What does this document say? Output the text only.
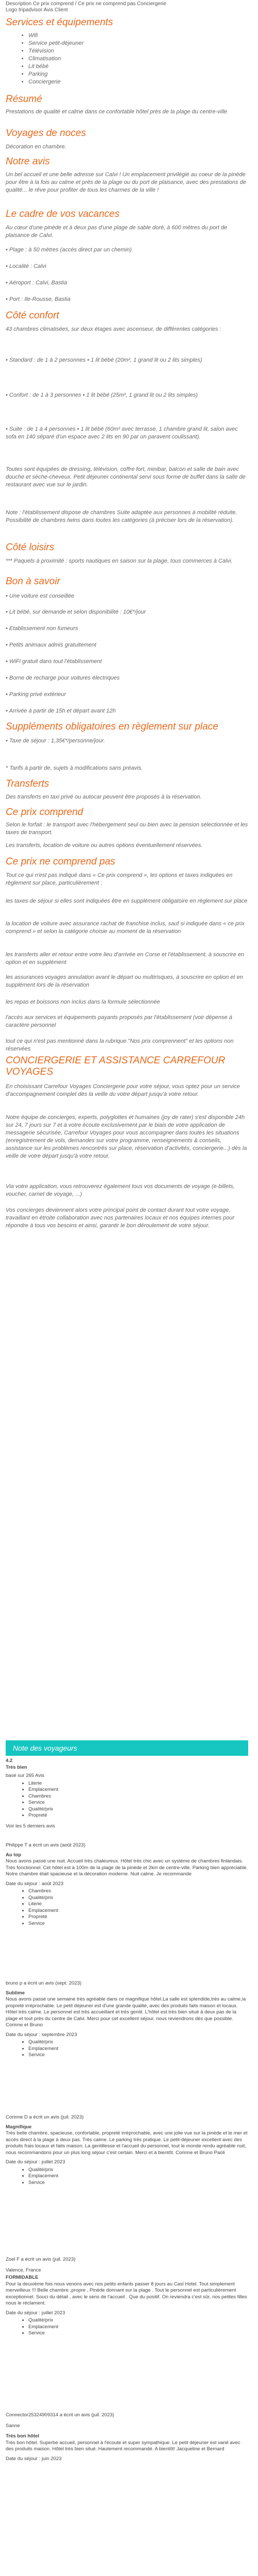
Description Ce prix comprend / Ce prix ne comprend pas Conciergerie
Logo tripadvisor Avis Client
Services et équipements
• Wifi
• Service petit-déjeuner
• Télévision
• Climatisation
• Lit bébé
• Parking
• Conciergerie
Résumé

Prestations de qualité et calme dans ce confortable hôtel près de la plage du centre-ville

Voyages de noces

Décoration en chambre.

Notre avis

Un bel accueil et une belle adresse sur Calvi ! Un emplacement privilégié au coeur de la pinède pour être à la fois au calme et près de la plage ou du port de plaisance, avec des prestations de qualité... le rêve pour profiter de tous les charmes de la ville !

Le cadre de vos vacances

Au cœur d'une pinède et à deux pas d'une plage de sable doré, à 600 mètres du port de plaisance de Calvi.

• Plage : à 50 mètres (accès direct par un chemin)

• Localité : Calvi

• Aéroport : Calvi, Bastia

• Port : Ile-Rousse, Bastia

Côté confort

43 chambres climatisées, sur deux étages avec ascenseur, de différentes catégories :

• Standard : de 1 à 2 personnes • 1 lit bébé (20m², 1 grand lit ou 2 lits simples)

• Confort : de 1 à 3 personnes • 1 lit bébé (25m², 1 grand lit ou 2 lits simples)

• Suite : de 1 à 4 personnes • 1 lit bébé (60m² avec terrasse, 1 chambre grand lit, salon avec sofa en 140 séparé d'un espace avec 2 lits en 90 par un paravent coulissant).

Toutes sont équipées de dressing, télévision, coffre fort, minibar, balcon et salle de bain avec douche et sèche-cheveux. Petit déjeuner continental servi sous forme de buffet dans la salle de restaurant avec vue sur le jardin.

Note : l'établissement dispose de chambres Suite adaptée aux personnes à mobilité réduite. Possibilité de chambres twins dans toutes les catégories (à préciser lors de la réservation).

Côté loisirs

*** Paquets à proximité : sports nautiques en saison sur la plage, tous commerces à Calvi.

Bon à savoir

• Une voiture est conseillée

• Lit bébé, sur demande et selon disponibilité : 10€*/jour

• Etablissement non fumeurs

• Petits animaux admis gratuitement

• WiFi gratuit dans tout l'établissement

• Borne de recharge pour voitures électriques

• Parking privé extérieur

• Arrivée à partir de 15h et départ avant 12h

Suppléments obligatoires en règlement sur place

• Taxe de séjour : 1,35€*/personne/jour.

* Tarifs à partir de, sujets à modifications sans préavis.

Transferts

Des transferts en taxi privé ou autocar peuvent être proposés à la réservation.

Ce prix comprend

Selon le forfait : le transport avec l'hébergement seul ou bien avec la pension sélectionnée et les taxes de transport.

Les transferts, location de voiture ou autres options éventuellement réservées.

Ce prix ne comprend pas

Tout ce qui n'est pas indiqué dans « Ce prix comprend », les options et taxes indiquées en règlement sur place, particulièrement :

les taxes de séjour si elles sont indiquées être en supplément obligatoire en règlement sur place

la location de voiture avec assurance rachat de franchise inclus, sauf si indiquée dans « ce prix comprend » et selon la catégorie choisie au moment de la réservation

les transferts aller et retour entre votre lieu d'arrivée en Corse et l'établissement, à souscrire en option et en supplément

les assurances voyages annulation avant le départ ou multirisques, à souscrire en option et en supplément lors de la réservation

les repas et boissons non inclus dans la formule sélectionnée

l'accès aux services et équipements payants proposés par l'établissement (voir dépense à caractère personnel

tout ce qui n'est pas mentionné dans la rubrique "Nos prix comprennent" et les options non réservées

CONCIERGERIE ET ASSISTANCE CARREFOUR VOYAGES

En choisissant Carrefour Voyages Conciergerie pour votre séjour, vous optez pour un service d'accompagnement complet dès la veille du votre départ jusqu'à votre retour.

Notre équipe de concierges, experts, polyglottes et humaines (joy de rater) s'est disponible 24h sur 24, 7 jours sur 7 et à votre écoute exclusivement par le biais de votre application de messagerie sécurisée, Carrefour Voyages pour vous accompagner dans toutes les situations (enregistrement de vols, demandes sur votre programme, renseignements & conseils, assistance sur les problèmes rencontrés sur place, réservation d'activités, conciergerie...) dès la veille de votre départ jusqu'à votre retour.

Via votre application, vous retrouverez également tous vos documents de voyage (e-billets, voucher, carnet de voyage, ...)

Vos concierges deviennent alors votre principal point de contact durant tout votre voyage, travaillant en étroite collaboration avec nos partenaires locaux et nos équipes internes pour répondre à tous vos besoins et ainsi, garantir le bon déroulement de votre séjour.

Note des voyageurs
4.2
Très bien
basé sur 265 Avis
• Literie
• Emplacement
• Chambres
• Service
• Qualité/prix
• Propreté
Voir les 5 derniers avis
Philippe T a écrit un avis (août 2023)
Au top
Nous avons passé une nuit. Accueil très chaleureux. Hôtel très chic avec un système de chambres finlandais. Très fonctionnel. Cet hôtel est à 100m de la plage de la pinède et 2km de centre-ville. Parking bien appréciable. Notre chambre était spacieuse et la décoration moderne. Nuit calme. Je recommande
Date du séjour : août 2023
• Chambres
• Qualité/prix
• Literie
• Emplacement
• Propreté
• Service
bruno p a écrit un avis (sept. 2023)
Sublime
Nous avons passé une semaine très agréable dans ce magnifique hôtel.La salle est splendide,très au calme,la propreté irréprochable. Le petit déjeuner est d'une grande qualité, avec des produits faits maison et locaux. Hôtel très calme. Le personnel est très accueillant et très gentil. L'hôtel est très bien situé à deux pas de la plage et tout près du centre de Calvi. Merci pour cet excellent séjour, nous reviendrons dès que possible. Corinne et Bruno
Date du séjour : septembre 2023
• Qualité/prix
• Emplacement
• Service
Corinne D a écrit un avis (juil. 2023)
Magnifique
Très belle chambre, spacieuse, confortable, propreté irréprochable, avec une jolie vue sur la pinède et le mer et accès direct à la plage à deux pas. Très calme. Le parking très pratique. Le petit-déjeuner excellent avec des produits frais locaux et faits maison. La gentillesse et l'accueil du personnel, tout le monde rendu agréable nuit, nous recommandons pour un plus long séjour c'est certain. Merci et à bientôt. Corinne et Bruno Paoli
Date du séjour : juillet 2023
• Qualité/prix
• Emplacement
• Service
Zoel F a écrit un avis (juil. 2023)
Valence, France
FORMIDABLE
Pour la deuxième fois nous venons avec nos petits enfants passer 8 jours au Casl Hotel. Tout simplement merveilleux !!! Belle chambre ,propre , Pinède donnant sur la plage . Tout le personnel est particulièrement exceptionnel. Souci du détail , avec le sens de l'accueil . Que du positif. On reviendra c'est sûr, nos petites filles nous le réclament.
Date du séjour : juillet 2023
• Qualité/prix
• Emplacement
• Service
Connector25324909314 a écrit un avis (juil. 2023)
Sanne
Très bon hôtel
Très bon hôtel. Superbe accueil, personnel à l'écoute et super sympathique. Le petit déjeuner est varié avec des produits maison. Hôtel très bien situé. Hautement recommandé. A bientôt! Jacqueline et Bernard
Date du séjour : juin 2023
